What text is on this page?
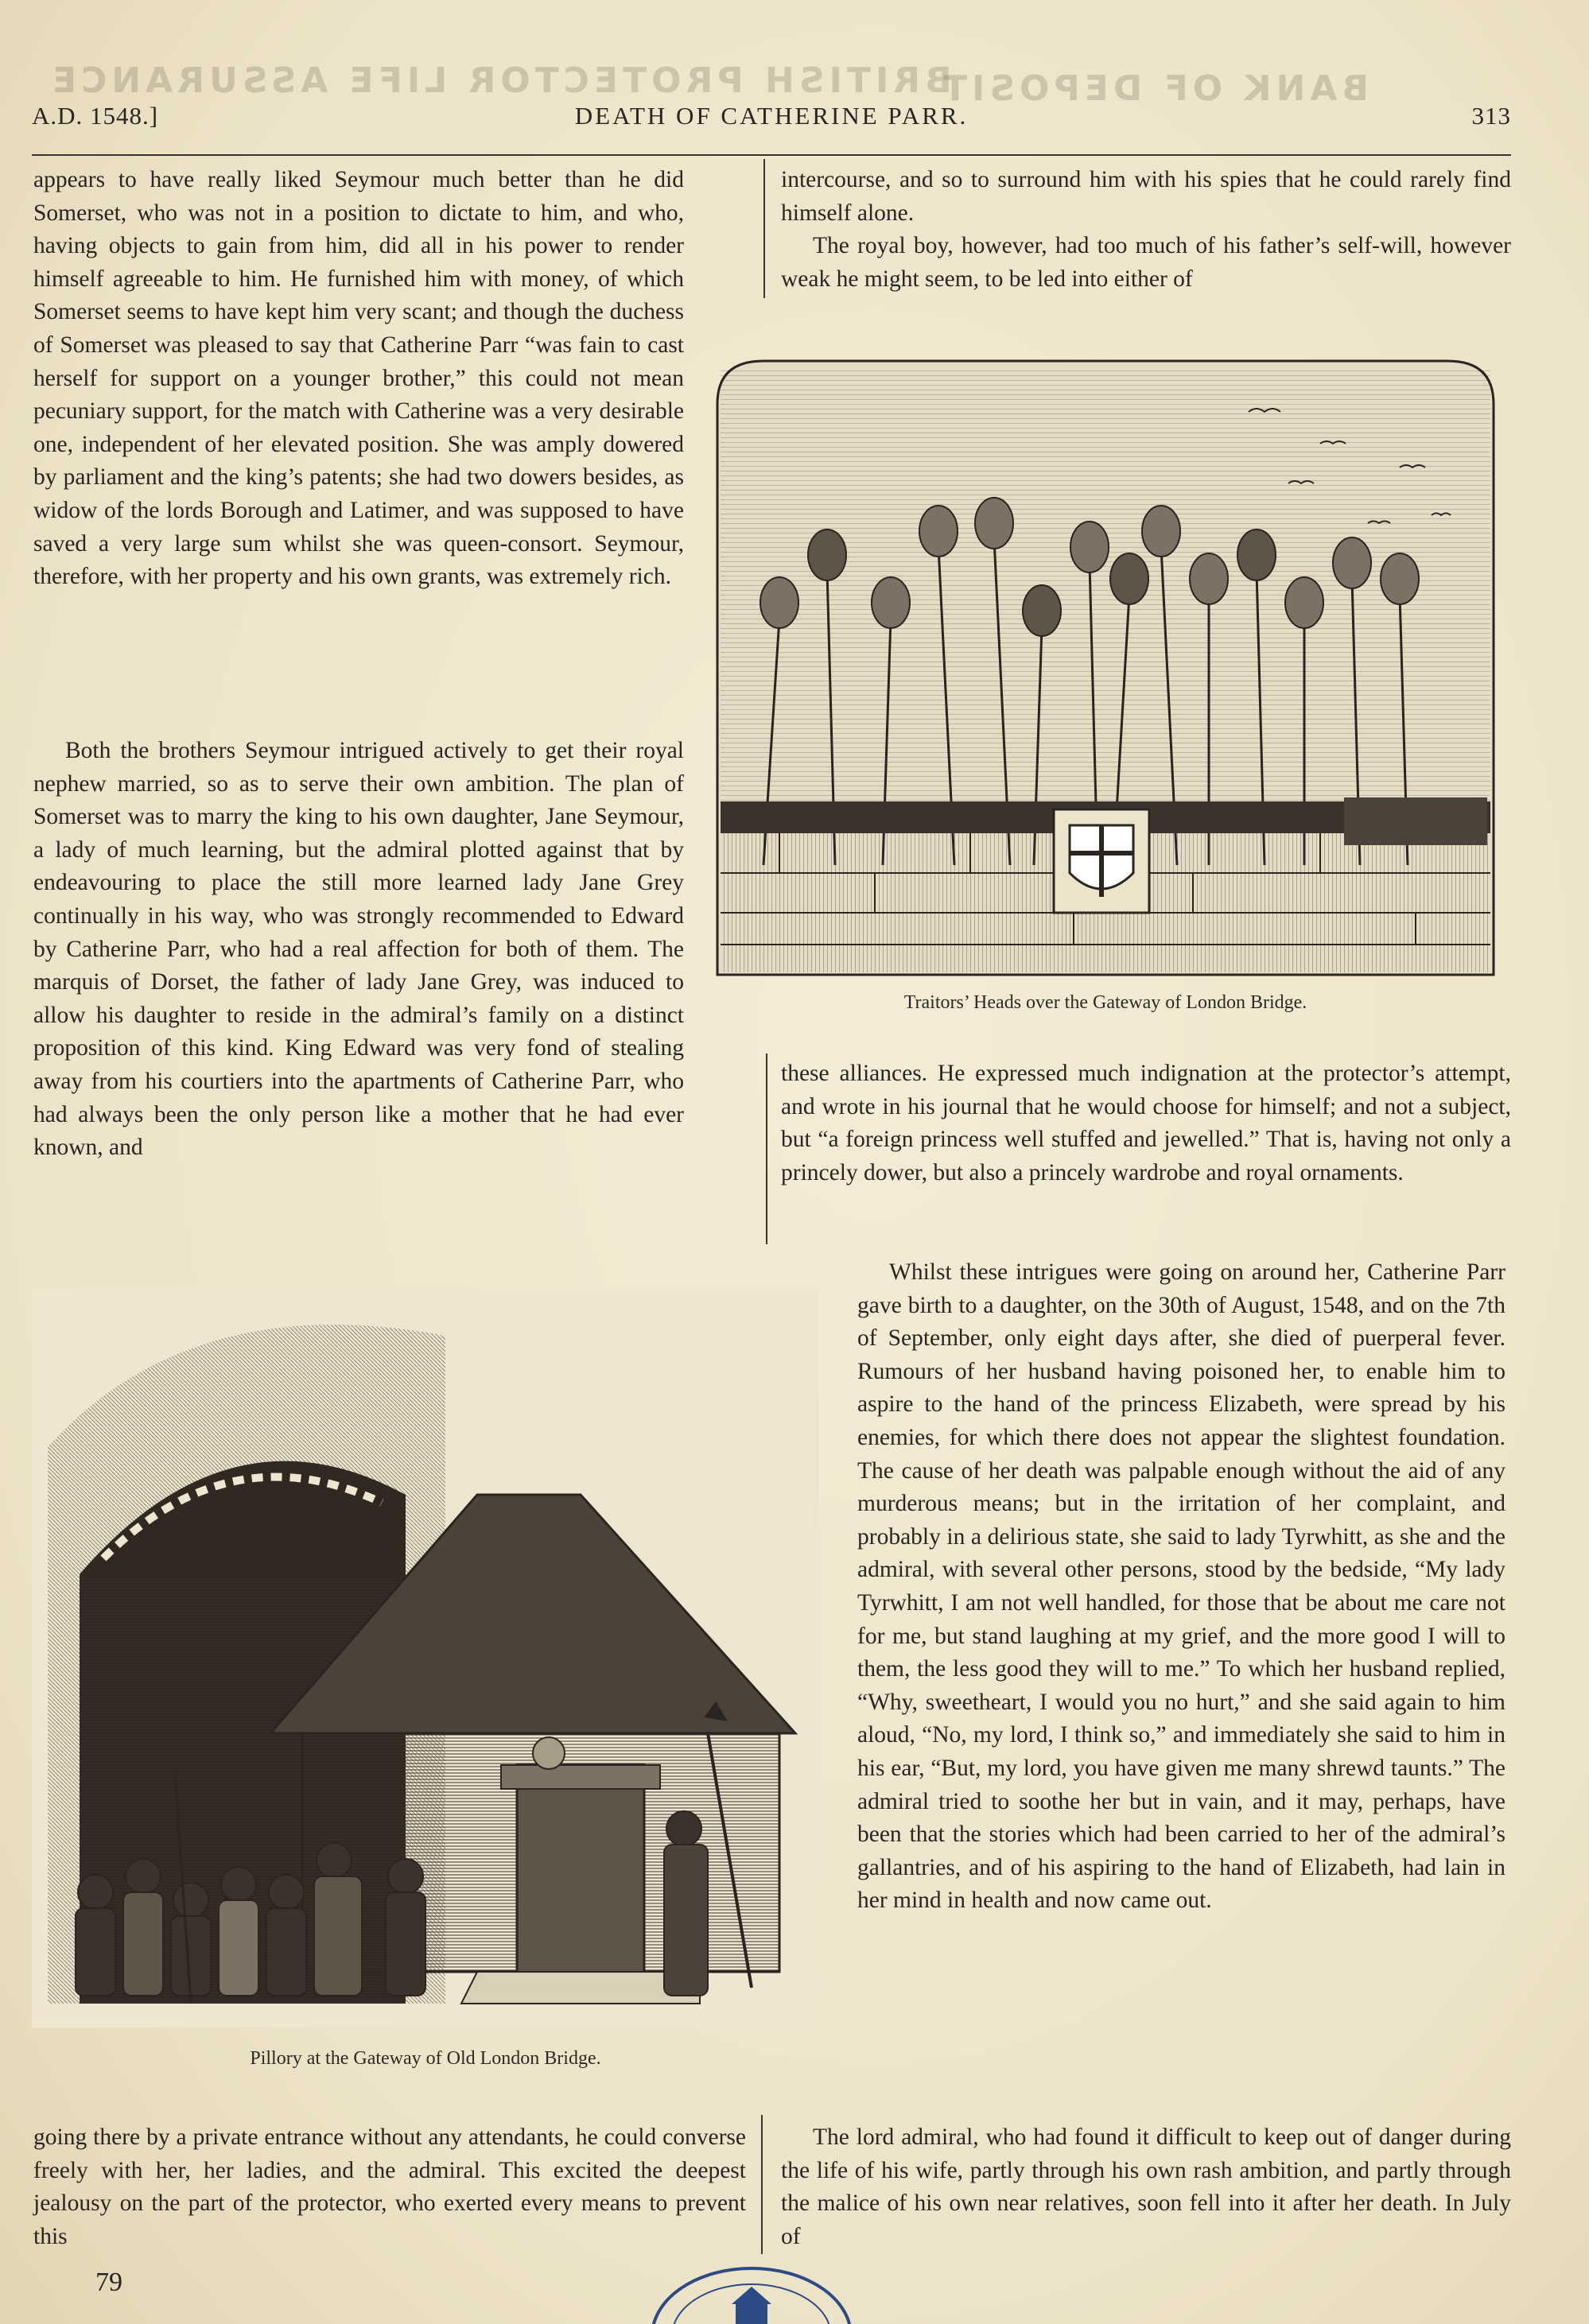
BRITISH PROTECTOR LIFE ASSURANCE
BANK OF DEPOSIT
A.D. 1548.]	DEATH OF CATHERINE PARR.	313

appears to have really liked Seymour much better than he did Somerset, who was not in a position to dictate to him, and who, having objects to gain from him, did all in his power to render himself agreeable to him. He furnished him with money, of which Somerset seems to have kept him very scant; and though the duchess of Somerset was pleased to say that Catherine Parr “was fain to cast herself for support on a younger brother,” this could not mean pecuniary support, for the match with Catherine was a very desirable one, independent of her elevated position. She was amply dowered by parliament and the king’s patents; she had two dowers besides, as widow of the lords Borough and Latimer, and was supposed to have saved a very large sum whilst she was queen-consort. Seymour, therefore, with her property and his own grants, was extremely rich.

Both the brothers Seymour intrigued actively to get their royal nephew married, so as to serve their own ambition. The plan of Somerset was to marry the king to his own daughter, Jane Seymour, a lady of much learning, but the admiral plotted against that by endeavouring to place the still more learned lady Jane Grey continually in his way, who was strongly recommended to Edward by Catherine Parr, who had a real affection for both of them. The marquis of Dorset, the father of lady Jane Grey, was induced to allow his daughter to reside in the admiral’s family on a distinct proposition of this kind. King Edward was very fond of stealing away from his courtiers into the apartments of Catherine Parr, who had always been the only person like a mother that he had ever known, and

intercourse, and so to surround him with his spies that he could rarely find himself alone.

The royal boy, however, had too much of his father’s self-will, however weak he might seem, to be led into either of

Traitors’ Heads over the Gateway of London Bridge.

these alliances. He expressed much indignation at the protector’s attempt, and wrote in his journal that he would choose for himself; and not a subject, but “a foreign princess well stuffed and jewelled.” That is, having not only a princely dower, but also a princely wardrobe and royal ornaments.

Whilst these intrigues were going on around her, Catherine Parr gave birth to a daughter, on the 30th of August, 1548, and on the 7th of September, only eight days after, she died of puerperal fever. Rumours of her husband having poisoned her, to enable him to aspire to the hand of the princess Elizabeth, were spread by his enemies, for which there does not appear the slightest foundation. The cause of her death was palpable enough without the aid of any murderous means; but in the irritation of her complaint, and probably in a delirious state, she said to lady Tyrwhitt, as she and the admiral, with several other persons, stood by the bedside, “My lady Tyrwhitt, I am not well handled, for those that be about me care not for me, but stand laughing at my grief, and the more good I will to them, the less good they will to me.” To which her husband replied, “Why, sweetheart, I would you no hurt,” and she said again to him aloud, “No, my lord, I think so,” and immediately she said to him in his ear, “But, my lord, you have given me many shrewd taunts.” The admiral tried to soothe her but in vain, and it may, perhaps, have been that the stories which had been carried to her of the admiral’s gallantries, and of his aspiring to the hand of Elizabeth, had lain in her mind in health and now came out.

Pillory at the Gateway of Old London Bridge.

going there by a private entrance without any attendants, he could converse freely with her, her ladies, and the admiral. This excited the deepest jealousy on the part of the protector, who exerted every means to prevent this

The lord admiral, who had found it difficult to keep out of danger during the life of his wife, partly through his own rash ambition, and partly through the malice of his own near relatives, soon fell into it after her death. In July of

79
